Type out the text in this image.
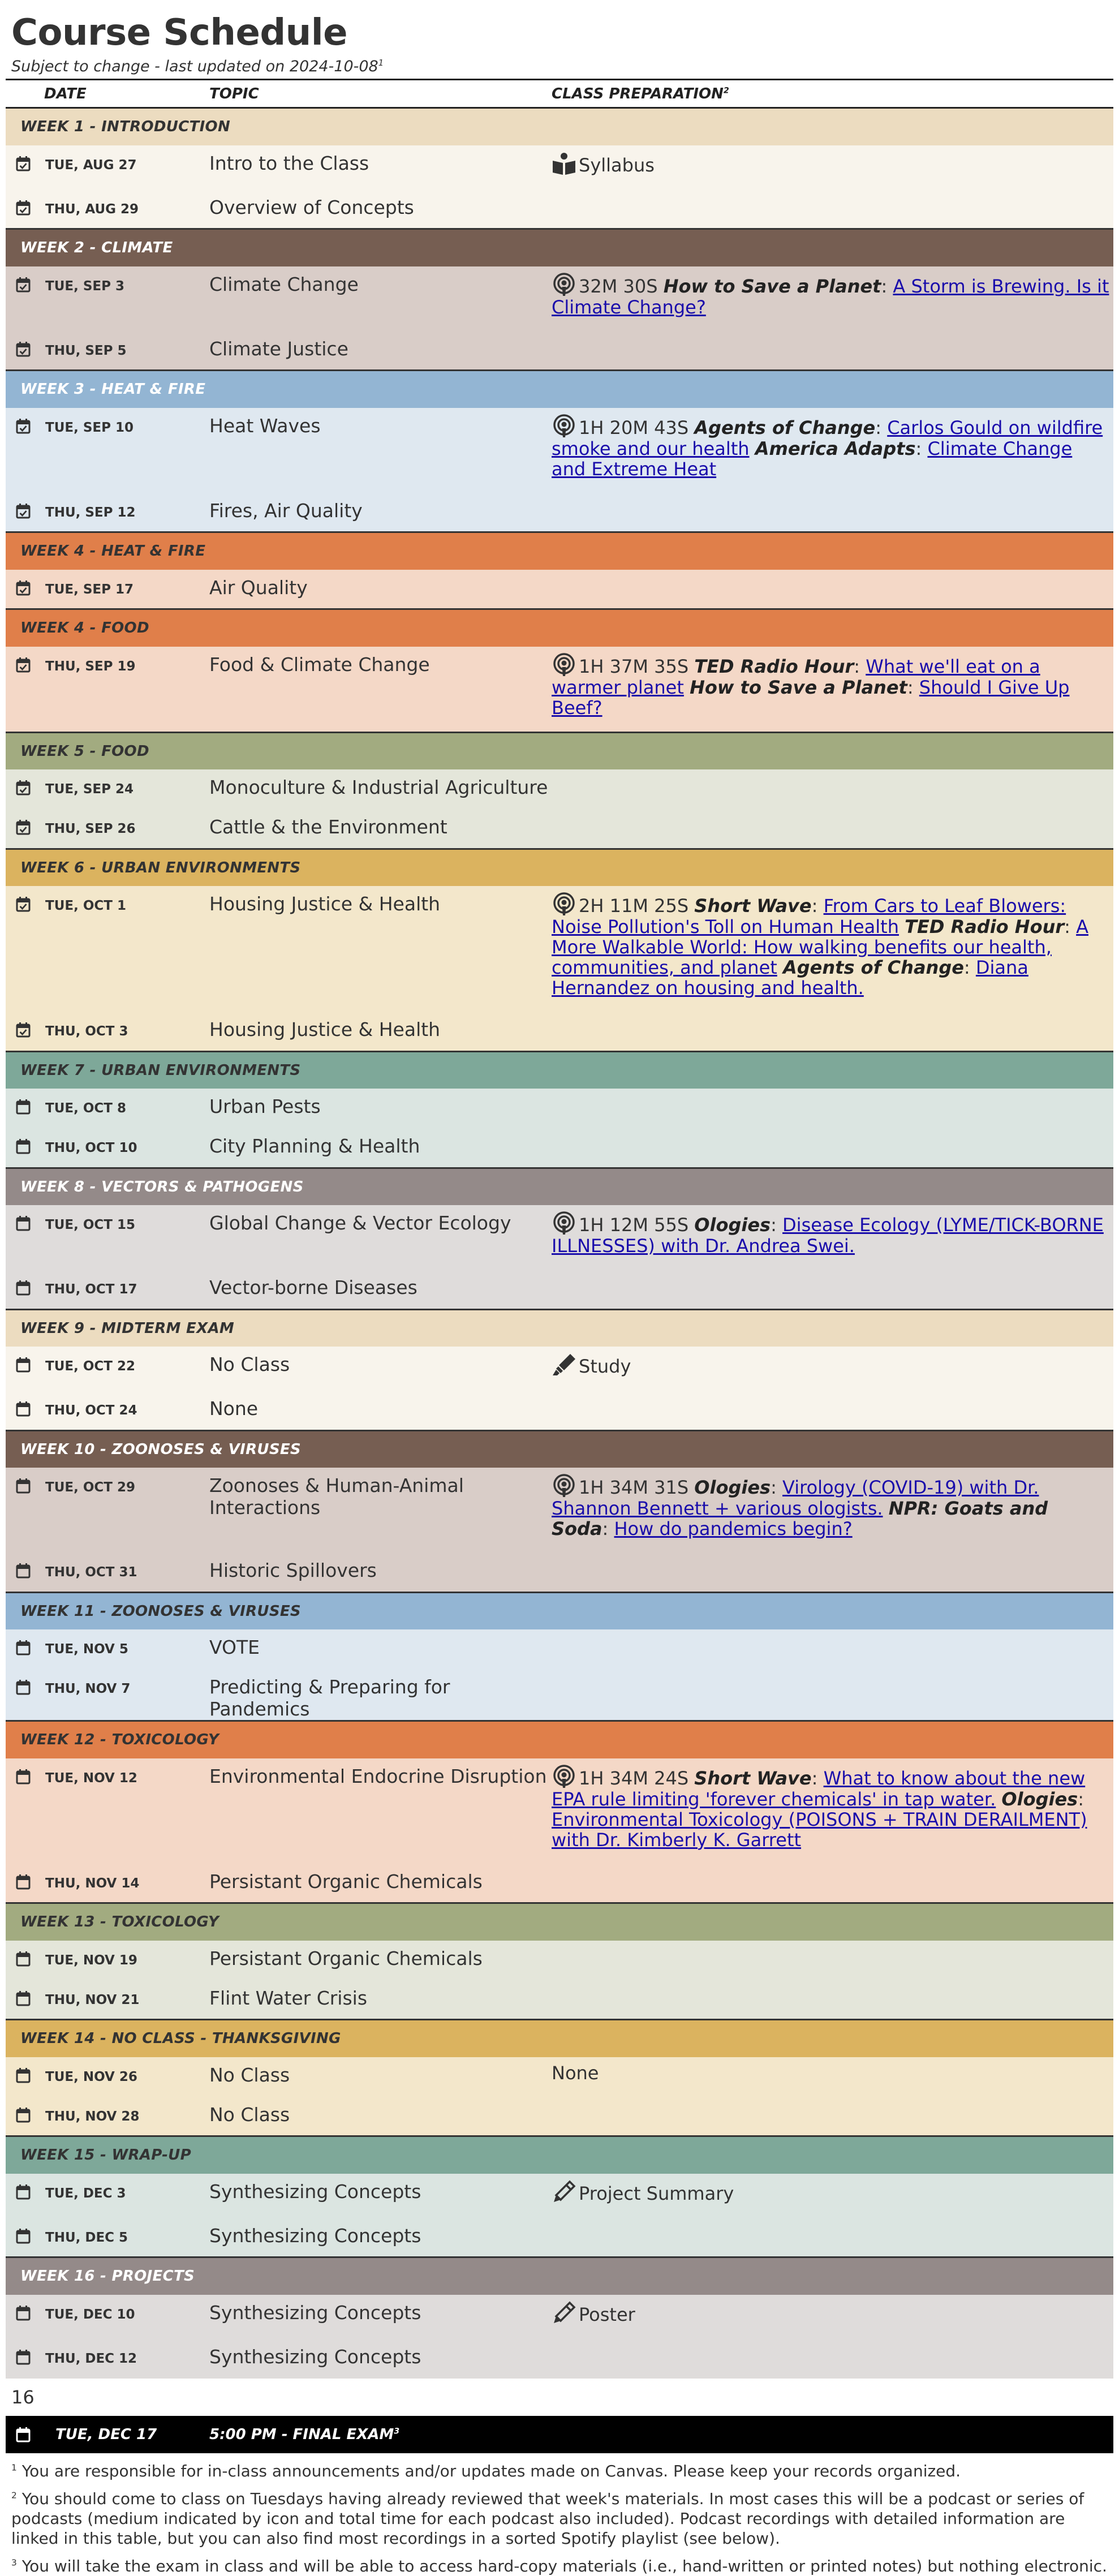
Course Schedule
Subject to change - last updated on $2024-10-08^1$
DATE	TOPIC	CLASS PREPARATION$^2$
WEEK 1 - INTRODUCTION		
TUE, AUG 27	Intro to the Class	Syllabus
THU, AUG 29	Overview of Concepts	
WEEK 2 - CLIMATE		
TUE, SEP 3	Climate Change	32M 30S How to Save a Planet: A Storm is Brewing. Is it Climate Change?
THU, SEP 5	Climate Justice	
WEEK 3 - HEAT & FIRE		
TUE, SEP 10	Heat Waves	1H 20M 43S Agents of Change: Carlos Gould on wildfire smoke and our health America Adapts: Climate Change and Extreme Heat
THU, SEP 12	Fires, Air Quality	
WEEK 4 - HEAT & FIRE		
TUE, SEP 17	Air Quality	
WEEK 4 - FOOD		
THU, SEP 19	Food & Climate Change	1H 37M 35S TED Radio Hour: What we'll eat on a warmer planet How to Save a Planet: Should I Give Up Beef?
WEEK 5 - FOOD		
TUE, SEP 24	Monoculture & Industrial Agriculture	
THU, SEP 26	Cattle & the Environment	
WEEK 6 - URBAN ENVIRONMENTS		
TUE, OCT 1	Housing Justice & Health	2H 11M 25S Short Wave: From Cars to Leaf Blowers: Noise Pollution's Toll on Human Health TED Radio Hour: A More Walkable World: How walking benefits our health, communities, and planet Agents of Change: Diana Hernandez on housing and health.
THU, OCT 3	Housing Justice & Health	
WEEK 7 - URBAN ENVIRONMENTS		
TUE, OCT 8	Urban Pests	
THU, OCT 10	City Planning & Health	
WEEK 8 - VECTORS & PATHOGENS		
TUE, OCT 15	Global Change & Vector Ecology	1H 12M 55S Ologies: Disease Ecology (LYME/TICK-BORNE ILLNESSES) with Dr. Andrea Swei.
THU, OCT 17	Vector-borne Diseases	
WEEK 9 - MIDTERM EXAM		
TUE, OCT 22	No Class	Study
THU, OCT 24	None	
WEEK 10 - ZOONOSES & VIRUSES		
TUE, OCT 29	Zoonoses & Human-Animal Interactions	1H 34M 31S Ologies: Virology (COVID-19) with Dr. Shannon Bennett + various ologists. NPR: Goats and Soda: How do pandemics begin?
THU, OCT 31	Historic Spillovers	
WEEK 11 - ZOONOSES & VIRUSES		
TUE, NOV 5	VOTE	
THU, NOV 7	Predicting & Preparing for Pandemics	
WEEK 12 - TOXICOLOGY		
TUE, NOV 12	Environmental Endocrine Disruption	1H 34M 24S Short Wave: What to know about the new EPA rule limiting 'forever chemicals' in tap water. Ologies: Environmental Toxicology (POISONS + TRAIN DERAILMENT) with Dr. Kimberly K. Garrett
THU, NOV 14	Persistant Organic Chemicals	
WEEK 13 - TOXICOLOGY		
TUE, NOV 19	Persistant Organic Chemicals	
THU, NOV 21	Flint Water Crisis	
WEEK 14 - NO CLASS - THANKSGIVING		
TUE, NOV 26	No Class	None
THU, NOV 28	No Class	
WEEK 15 - WRAP-UP		
TUE, DEC 3	Synthesizing Concepts	Project Summary
THU, DEC 5	Synthesizing Concepts	
WEEK 16 - PROJECTS		
TUE, DEC 10	Synthesizing Concepts	Poster
THU, DEC 12	Synthesizing Concepts	
16
TUE, DEC 17	5:00 PM - FINAL EXAM$^3$

$^1$ You are responsible for in-class announcements and/or updates made on Canvas. Please keep your records organized.

$^2$ You should come to class on Tuesdays having already reviewed that week's materials. In most cases this will be a podcast or series of podcasts (medium indicated by icon and total time for each podcast also included). Podcast recordings with detailed information are linked in this table, but you can also find most recordings in a sorted Spotify playlist (see below).

$^3$ You will take the exam in class and will be able to access hard-copy materials (i.e., hand-written or printed notes) but nothing electronic.
